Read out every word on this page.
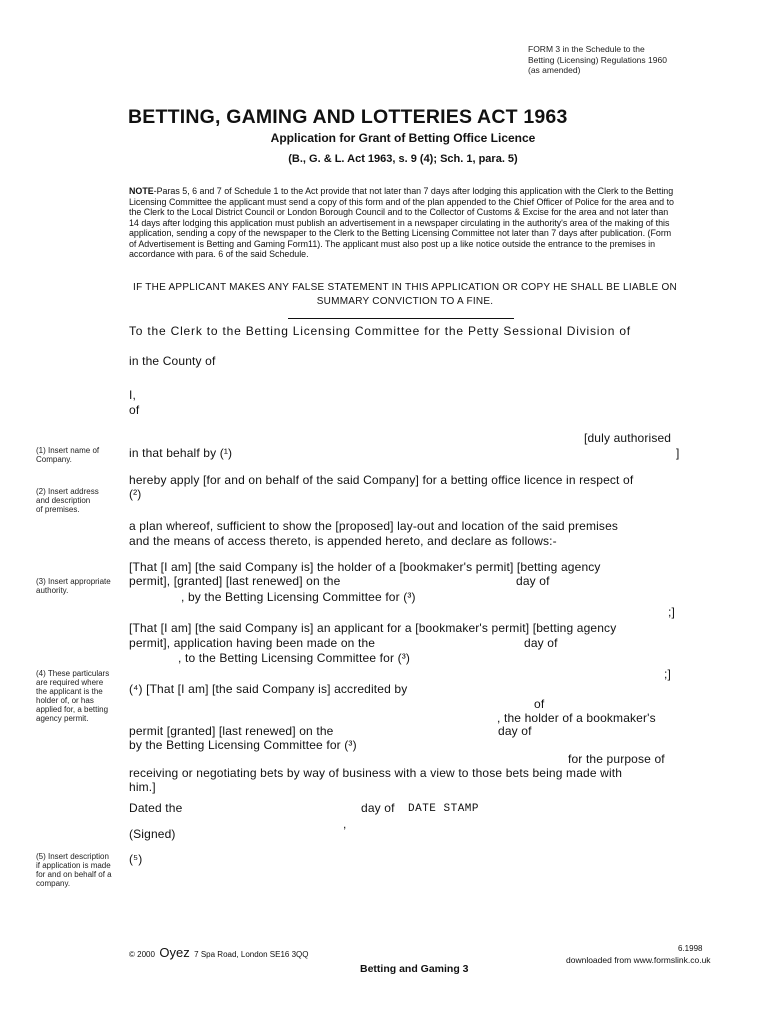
FORM 3 in the Schedule to the
Betting (Licensing) Regulations 1960
(as amended)
BETTING, GAMING AND LOTTERIES ACT 1963
Application for Grant of Betting Office Licence
(B., G. & L. Act 1963, s. 9 (4); Sch. 1, para. 5)
NOTE-Paras 5, 6 and 7 of Schedule 1 to the Act provide that not later than 7 days after lodging this application with the Clerk to the Betting Licensing Committee the applicant must send a copy of this form and of the plan appended to the Chief Officer of Police for the area and to the Clerk to the Local District Council or London Borough Council and to the Collector of Customs & Excise for the area and not later than 14 days after lodging this application must publish an advertisement in a newspaper circulating in the authority's area of the making of this application, sending a copy of the newspaper to the Clerk to the Betting Licensing Committee not later than 7 days after publication. (Form of Advertisement is Betting and Gaming Form11). The applicant must also post up a like notice outside the entrance to the premises in accordance with para. 6 of the said Schedule.
IF THE APPLICANT MAKES ANY FALSE STATEMENT IN THIS APPLICATION OR COPY HE SHALL BE LIABLE ON SUMMARY CONVICTION TO A FINE.
To the Clerk to the Betting Licensing Committee for the Petty Sessional Division of
in the County of
I,
of
[duly authorised
in that behalf by (¹)	]
hereby apply [for and on behalf of the said Company] for a betting office licence in respect of
(²)
a plan whereof, sufficient to show the [proposed] lay-out and location of the said premises
and the means of access thereto, is appended hereto, and declare as follows:-
[That [I am] [the said Company is] the holder of a [bookmaker's permit] [betting agency
permit], [granted] [last renewed] on the	day of
, by the Betting Licensing Committee for (³)
;]
[That [I am] [the said Company is] an applicant for a [bookmaker's permit] [betting agency
permit], application having been made on the	day of
, to the Betting Licensing Committee for (³)
;]
(⁴) [That [I am] [the said Company is] accredited by
of
, the holder of a bookmaker's
permit [granted] [last renewed] on the	day of
by the Betting Licensing Committee for (³)
for the purpose of
receiving or negotiating bets by way of business with a view to those bets being made with
him.]
Dated the	day of DATE STAMP
,
(Signed)
(⁵)
(1) Insert name of
Company.
(2) Insert address
and description
of premises.
(3) Insert appropriate
authority.
(4) These particulars
are required where
the applicant is the
holder of, or has
applied for, a betting
agency permit.
(5) Insert description
if application is made
for and on behalf of a
company.
© 2000 Oyez 7 Spa Road, London SE16 3QQ
Betting and Gaming 3
6.1998
downloaded from www.formslink.co.uk
